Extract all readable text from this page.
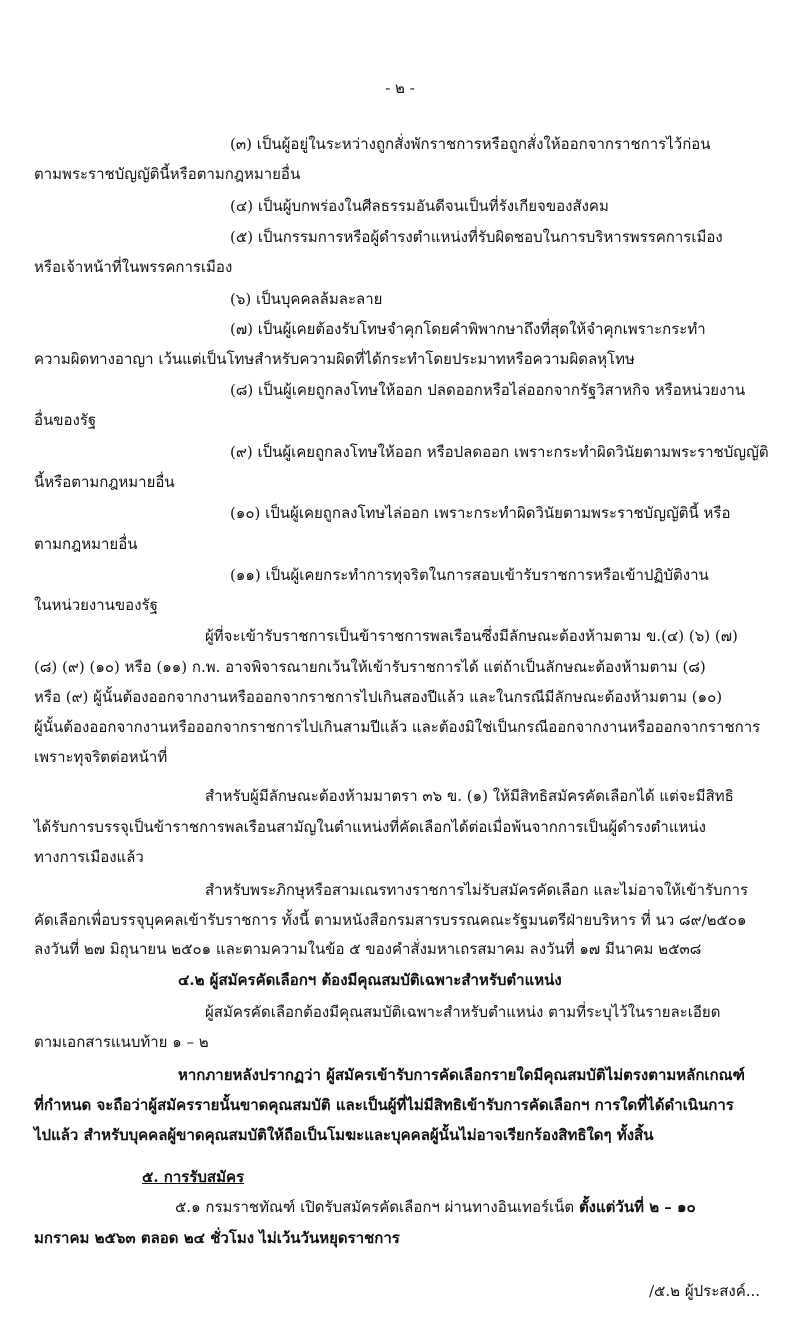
- ๒ -
(๓) เป็นผู้อยู่ในระหว่างถูกสั่งพักราชการหรือถูกสั่งให้ออกจากราชการไว้ก่อน
ตามพระราชบัญญัตินี้หรือตามกฎหมายอื่น
(๔) เป็นผู้บกพร่องในศีลธรรมอันดีจนเป็นที่รังเกียจของสังคม
(๕) เป็นกรรมการหรือผู้ดำรงตำแหน่งที่รับผิดชอบในการบริหารพรรคการเมือง
หรือเจ้าหน้าที่ในพรรคการเมือง
(๖) เป็นบุคคลล้มละลาย
(๗) เป็นผู้เคยต้องรับโทษจำคุกโดยคำพิพากษาถึงที่สุดให้จำคุกเพราะกระทำ
ความผิดทางอาญา เว้นแต่เป็นโทษสำหรับความผิดที่ได้กระทำโดยประมาทหรือความผิดลหุโทษ
(๘) เป็นผู้เคยถูกลงโทษให้ออก ปลดออกหรือไล่ออกจากรัฐวิสาหกิจ หรือหน่วยงาน
อื่นของรัฐ
(๙) เป็นผู้เคยถูกลงโทษให้ออก หรือปลดออก เพราะกระทำผิดวินัยตามพระราชบัญญัติ
นี้หรือตามกฎหมายอื่น
(๑๐) เป็นผู้เคยถูกลงโทษไล่ออก เพราะกระทำผิดวินัยตามพระราชบัญญัตินี้ หรือ
ตามกฎหมายอื่น
(๑๑) เป็นผู้เคยกระทำการทุจริตในการสอบเข้ารับราชการหรือเข้าปฏิบัติงาน
ในหน่วยงานของรัฐ
ผู้ที่จะเข้ารับราชการเป็นข้าราชการพลเรือนซึ่งมีลักษณะต้องห้ามตาม ข.(๔) (๖) (๗)
(๘) (๙) (๑๐) หรือ (๑๑) ก.พ. อาจพิจารณายกเว้นให้เข้ารับราชการได้ แต่ถ้าเป็นลักษณะต้องห้ามตาม (๘)
หรือ (๙) ผู้นั้นต้องออกจากงานหรือออกจากราชการไปเกินสองปีแล้ว และในกรณีมีลักษณะต้องห้ามตาม (๑๐)
ผู้นั้นต้องออกจากงานหรือออกจากราชการไปเกินสามปีแล้ว และต้องมิใช่เป็นกรณีออกจากงานหรือออกจากราชการ
เพราะทุจริตต่อหน้าที่
สำหรับผู้มีลักษณะต้องห้ามมาตรา ๓๖ ข. (๑) ให้มีสิทธิสมัครคัดเลือกได้ แต่จะมีสิทธิ
ได้รับการบรรจุเป็นข้าราชการพลเรือนสามัญในตำแหน่งที่คัดเลือกได้ต่อเมื่อพ้นจากการเป็นผู้ดำรงตำแหน่ง
ทางการเมืองแล้ว
สำหรับพระภิกษุหรือสามเณรทางราชการไม่รับสมัครคัดเลือก และไม่อาจให้เข้ารับการ
คัดเลือกเพื่อบรรจุบุคคลเข้ารับราชการ ทั้งนี้ ตามหนังสือกรมสารบรรณคณะรัฐมนตรีฝ่ายบริหาร ที่ นว ๘๙/๒๕๐๑
ลงวันที่ ๒๗ มิถุนายน ๒๕๐๑ และตามความในข้อ ๕ ของคำสั่งมหาเถรสมาคม ลงวันที่ ๑๗ มีนาคม ๒๕๓๘
๔.๒ ผู้สมัครคัดเลือกฯ ต้องมีคุณสมบัติเฉพาะสำหรับตำแหน่ง
ผู้สมัครคัดเลือกต้องมีคุณสมบัติเฉพาะสำหรับตำแหน่ง ตามที่ระบุไว้ในรายละเอียด
ตามเอกสารแนบท้าย ๑ – ๒
หากภายหลังปรากฏว่า ผู้สมัครเข้ารับการคัดเลือกรายใดมีคุณสมบัติไม่ตรงตามหลักเกณฑ์
ที่กำหนด จะถือว่าผู้สมัครรายนั้นขาดคุณสมบัติ และเป็นผู้ที่ไม่มีสิทธิเข้ารับการคัดเลือกฯ การใดที่ได้ดำเนินการ
ไปแล้ว สำหรับบุคคลผู้ขาดคุณสมบัติให้ถือเป็นโมฆะและบุคคลผู้นั้นไม่อาจเรียกร้องสิทธิใดๆ ทั้งสิ้น
๕. การรับสมัคร
๕.๑ กรมราชทัณฑ์ เปิดรับสมัครคัดเลือกฯ ผ่านทางอินเทอร์เน็ต ตั้งแต่วันที่ ๒ – ๑๐
มกราคม ๒๕๖๓ ตลอด ๒๔ ชั่วโมง ไม่เว้นวันหยุดราชการ
/๕.๒ ผู้ประสงค์...
